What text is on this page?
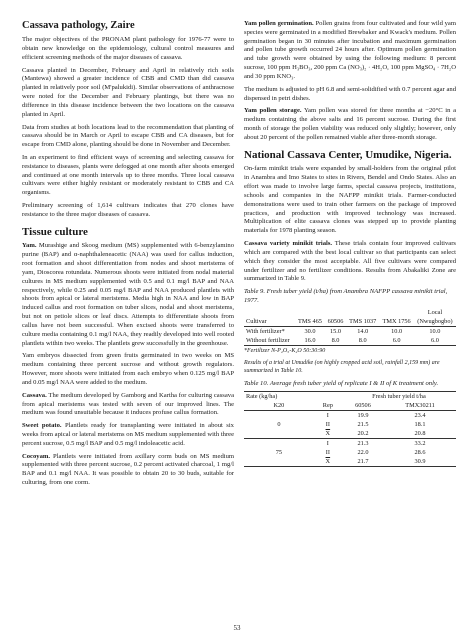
Cassava pathology, Zaire

The major objectives of the PRONAM plant pathology for 1976-77 were to obtain new knowledge on the epidemiology, cultural control measures and efficient screening methods of the major diseases of cassava.

Cassava planted in December, February and April in relatively rich soils (Mantewa) showed a greater incidence of CBB and CMD than did cassava planted in relatively poor soil (M'palukidi). Similar observations of anthracnose were noted for the December and February plantings, but there was no difference in this disease incidence between the two locations on the cassava planted in April.

Data from studies at both locations lead to the recommendation that planting of cassava should be in March or April to escape CBB and CA diseases, but for escape from CMD alone, planting should be done in November and December.

In an experiment to find efficient ways of screening and selecting cassava for resistance to diseases, plants were defogged at one month after shoots emerged and continued at one month intervals up to three months. Three local cassava cultivars were either highly resistant or moderately resistant to CBB and CA organisms.

Preliminary screening of 1,614 cultivars indicates that 270 clones have resistance to the three major diseases of cassava.

Tissue culture

Yam. Murashige and Skoog medium (MS) supplemented with 6-benzylamino purine (BAP) and α-naphthaleneacetic (NAA) was used for callus induction, root formation and shoot differentiation from nodes and shoot meristems of yam, Dioscorea rotundata. Numerous shoots were initiated from nodal material cultures in MS medium supplemented with 0.5 and 0.1 mg/l BAP and NAA respectively, while 0.25 and 0.05 mg/l BAP and NAA produced plantlets with shoots from apical or lateral meristems. Media high in NAA and low in BAP induced callus and root formation on tuber slices, nodal and shoot meristems, but not on petiole slices or leaf discs. Attempts to differentiate shoots from callus have not been successful. When excised shoots were transferred to culture media containing 0.1 mg/l NAA, they readily developed into well rooted plantlets within two weeks. The plantlets grew successfully in the greenhouse.

Yam embryos dissected from green fruits germinated in two weeks on MS medium containing three percent sucrose and without growth regulators. However, more shoots were initiated from each embryo when 0.125 mg/l BAP and 0.05 mg/l NAA were added to the medium.

Cassava. The medium developed by Gamborg and Kartha for culturing cassava from apical meristems was tested with seven of our improved lines. The medium was found unsuitable because it induces profuse callus formation.

Sweet potato. Plantlets ready for transplanting were initiated in about six weeks from apical or lateral meristems on MS medium supplemented with three percent sucrose, 0.5 mg/l BAP and 0.5 mg/l indoleacetic acid.

Cocoyam. Plantlets were initiated from axillary corm buds on MS medium supplemented with three percent sucrose, 0.2 percent activated charcoal, 1 mg/l BAP and 0.1 mg/l NAA. It was possible to obtain 20 to 30 buds, suitable for culturing, from one corm.

Yam pollen germination. Pollen grains from four cultivated and four wild yam species were germinated in a modified Brewbaker and Kwack's medium. Pollen germination began in 30 minutes after incubation and maximum germination and pollen tube growth occurred 24 hours after. Optimum pollen germination and tube growth were obtained by using the following medium: 8 percent sucrose, 100 ppm H₃BO₃, 200 ppm Ca (NO₃)₂ · 4H₂O, 100 ppm MgSO₄ · 7H₂O and 30 ppm KNO₃.

The medium is adjusted to pH 6.8 and semi-solidified with 0.7 percent agar and dispensed in petri dishes.

Yam pollen storage. Yam pollen was stored for three months at −20°C in a medium containing the above salts and 16 percent sucrose. During the first month of storage the pollen viability was reduced only slightly; however, only about 20 percent of the pollen remained viable after three-month storage.

National Cassava Center, Umudike, Nigeria.

On-farm minikit trials were expanded by small-holders from the original pilot in Anambra and Imo States to sites in Rivers, Bendel and Ondo States. Also an effort was made to involve large farms, special cassava projects, institutions, schools and companies in the NAFPP minikit trials. Farmer-conducted demonstrations were used to train other farmers on the package of improved practices, and production with improved technology was increased. Multiplication of elite cassava clones was stepped up to provide planting materials for 1978 planting season.

Cassava variety minikit trials. These trials contain four improved cultivars which are compared with the best local cultivar so that participants can select which they consider the most acceptable. All five cultivars were compared under fertilizer and no fertilizer conditions. Results from Abakaliki Zone are summarized in Table 9.

Table 9. Fresh tuber yield (t/ha) from Anambra NAFPP cassava minikit trial, 1977.
					Local
Cultivar	TMS 465	60506	TMS 1037	TMX 1756	(Nwugbogbo)
With fertilizer*	30.0	15.0	14.0	10.0	10.0
Without fertilizer	16.0	8.0	8.0	6.0	6.0
*Fertilizer N-P₂O₅-K₂O 50:30:90
Results of a trial at Umudike (on highly cropped acid soil, rainfall 2,159 mm) are summarized in Table 10.
Table 10. Average fresh tuber yield of replicate I & II of K treatment only.
Rate (kg/ha)		Fresh tuber yield t/ha	
K20	Rep	60506	TMX30211
	I	19.9	23.4
0	II	21.5	18.1
	$\overline{X}$	20.2	20.8
	I	21.3	33.2
75	II	22.0	28.6
	$\overline{X}$	21.7	30.9
53
